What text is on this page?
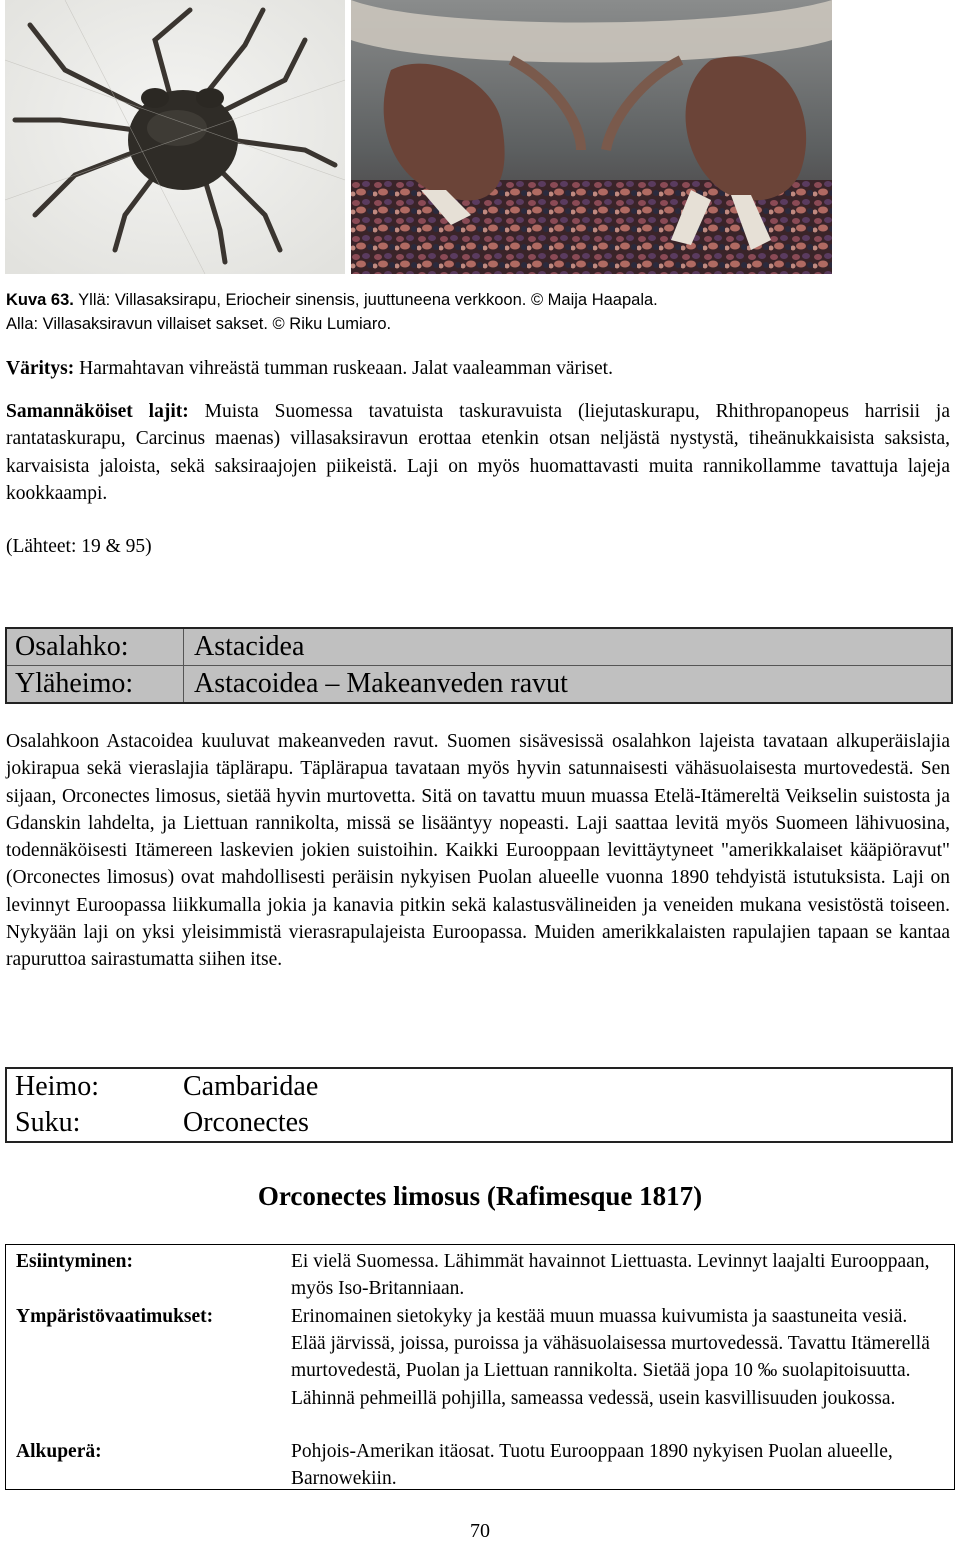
Kuva 63. Yllä: Villasaksirapu, Eriocheir sinensis, juuttuneena verkkoon. © Maija Haapala.
Alla: Villasaksiravun villaiset sakset. © Riku Lumiaro.
Väritys: Harmahtavan vihreästä tumman ruskeaan. Jalat vaaleamman väriset.
Samannäköiset lajit: Muista Suomessa tavatuista taskuravuista (liejutaskurapu, Rhithropanopeus harrisii ja rantataskurapu, Carcinus maenas) villasaksiravun erottaa etenkin otsan neljästä nystystä, tiheänukkaisista saksista, karvaisista jaloista, sekä saksiraajojen piikeistä. Laji on myös huomattavasti muita rannikollamme tavattuja lajeja kookkaampi.
(Lähteet: 19 & 95)
Osalahko:	Astacidea
Yläheimo:	Astacoidea – Makeanveden ravut
Osalahkoon Astacoidea kuuluvat makeanveden ravut. Suomen sisävesissä osalahkon lajeista tavataan alkuperäislajia jokirapua sekä vieraslajia täplärapu. Täplärapua tavataan myös hyvin satunnaisesti vähäsuolaisesta murtovedestä. Sen sijaan, Orconectes limosus, sietää hyvin murtovetta. Sitä on tavattu muun muassa Etelä-Itämereltä Veikselin suistosta ja Gdanskin lahdelta, ja Liettuan rannikolta, missä se lisääntyy nopeasti. Laji saattaa levitä myös Suomeen lähivuosina, todennäköisesti Itämereen laskevien jokien suistoihin. Kaikki Eurooppaan levittäytyneet "amerikkalaiset kääpiöravut" (Orconectes limosus) ovat mahdollisesti peräisin nykyisen Puolan alueelle vuonna 1890 tehdyistä istutuksista. Laji on levinnyt Euroopassa liikkumalla jokia ja kanavia pitkin sekä kalastusvälineiden ja veneiden mukana vesistöstä toiseen. Nykyään laji on yksi yleisimmistä vierasrapulajeista Euroopassa. Muiden amerikkalaisten rapulajien tapaan se kantaa rapuruttoa sairastumatta siihen itse.
Heimo:	Cambaridae
Suku:	Orconectes
Orconectes limosus (Rafimesque 1817)
Esiintyminen:	Ei vielä Suomessa. Lähimmät havainnot Liettuasta. Levinnyt laajalti Eurooppaan, myös Iso-Britanniaan.
Ympäristövaatimukset:	Erinomainen sietokyky ja kestää muun muassa kuivumista ja saastuneita vesiä. Elää järvissä, joissa, puroissa ja vähäsuolaisessa murtovedessä. Tavattu Itämerellä murtovedestä, Puolan ja Liettuan rannikolta. Sietää jopa 10 ‰ suolapitoisuutta. Lähinnä pehmeillä pohjilla, sameassa vedessä, usein kasvillisuuden joukossa.
Alkuperä:	Pohjois-Amerikan itäosat. Tuotu Eurooppaan 1890 nykyisen Puolan alueelle, Barnowekiin.
70
